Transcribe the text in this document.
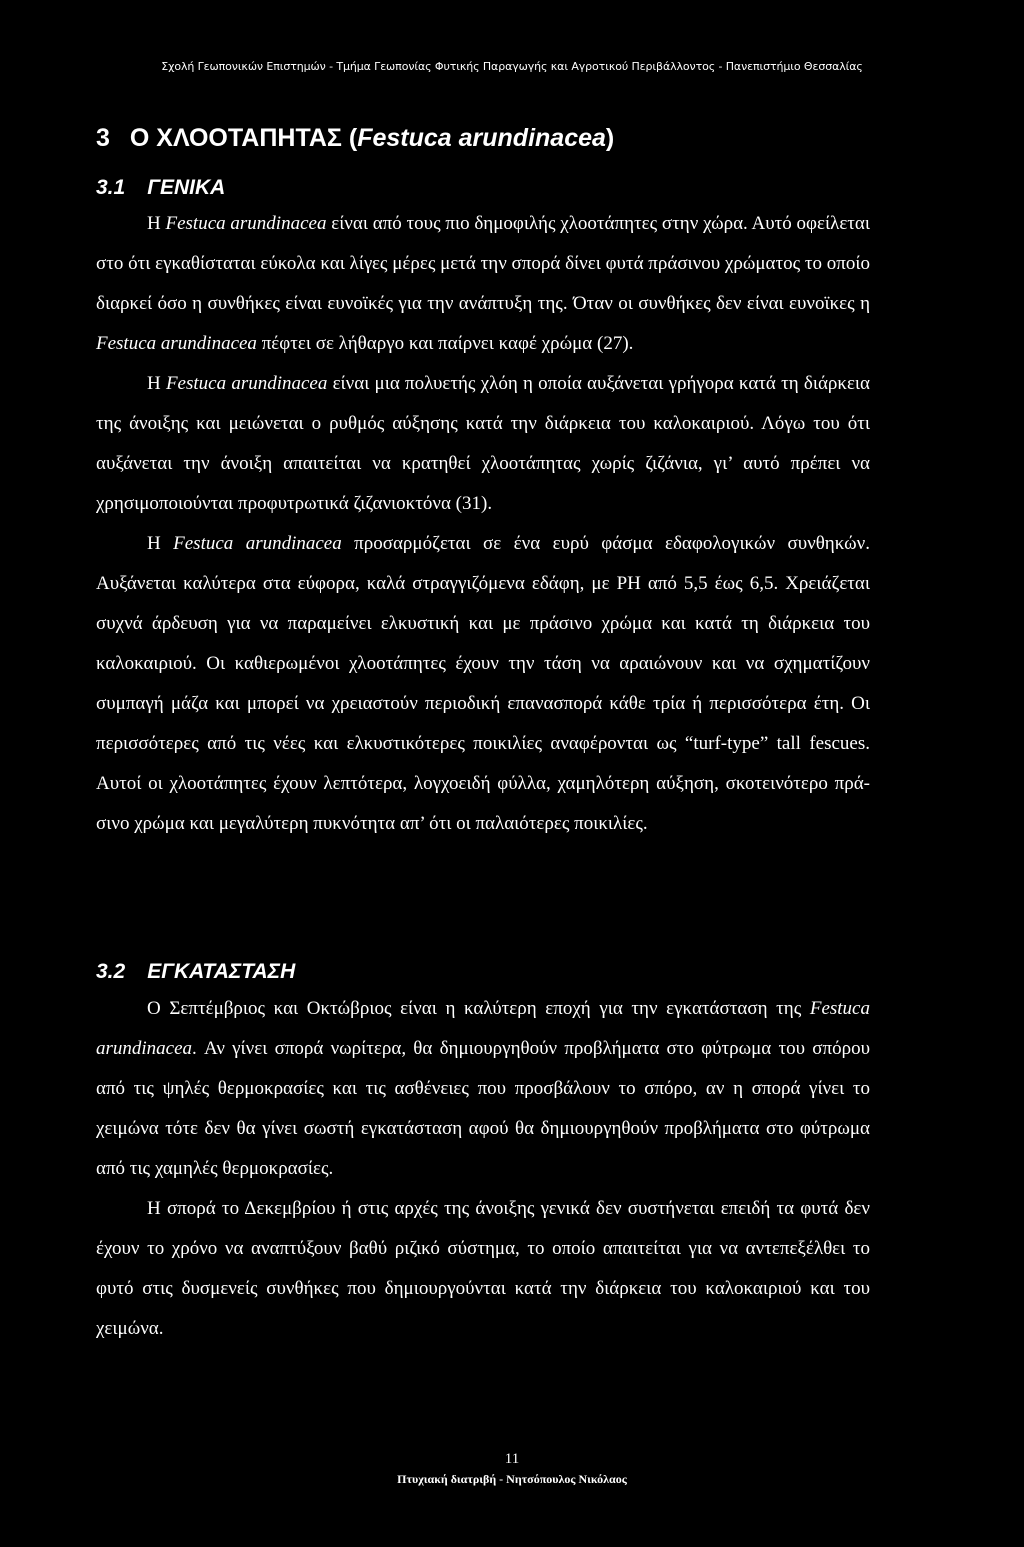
Σχολή Γεωπονικών Επιστημών - Τμήμα Γεωπονίας Φυτικής Παραγωγής και Αγροτικού Περιβάλλοντος - Πανεπιστήμιο Θεσσαλίας
3 Ο ΧΛΟΟΤΑΠΗΤΑΣ (Festuca arundinacea)
3.1 ΓΕΝΙΚΑ

Η Festuca arundinacea είναι από τους πιο δημοφιλής χλοοτάπητες στην χώρα. Αυτό οφείλεται στο ότι εγκαθίσταται εύκολα και λίγες μέρες μετά την σπορά δίνει φυτά πράσινου χρώματος το οποίο διαρκεί όσο η συνθήκες είναι ευνοϊκές για την ανάπτυξη της. Όταν οι συνθήκες δεν είναι ευνοϊκες η Festuca arundinacea πέφτει σε λήθαργο και παίρνει καφέ χρώμα (27).

Η Festuca arundinacea είναι μια πολυετής χλόη η οποία αυξάνεται γρήγορα κατά τη διάρκεια της άνοιξης και μειώνεται ο ρυθμός αύξησης κατά την διάρκεια του καλοκαιριού. Λόγω του ότι αυξάνεται την άνοιξη απαιτείται να κρατηθεί χλοοτάπητας χωρίς ζιζάνια, γι’ αυτό πρέπει να χρησιμοποιούνται προφυτρωτικά ζιζανιοκτόνα (31).

Η Festuca arundinacea προσαρμόζεται σε ένα ευρύ φάσμα εδαφολογικών συνθηκών. Αυξάνεται καλύτερα στα εύφορα, καλά στραγγιζόμενα εδάφη, με PH από 5,5 έως 6,5. Χρειάζεται συχνά άρδευση για να παραμείνει ελκυστική και με πράσινο χρώμα και κατά τη διάρκεια του καλοκαιριού. Οι καθιερωμένοι χλοοτάπητες έχουν την τάση να αραιώνουν και να σχηματίζουν συμπαγή μάζα και μπορεί να χρειαστούν περιοδική επανασπορά κάθε τρία ή περισσότερα έτη. Οι περισσότερες από τις νέες και ελκυστικότερες ποικιλίες αναφέρονται ως “turf-type” tall fescues. Αυτοί οι χλοοτάπητες έχουν λεπτότερα, λογχοειδή φύλλα, χαμηλότερη αύξηση, σκοτεινότερο πράσινο χρώμα και μεγαλύτερη πυκνότητα απ’ ότι οι παλαιότερες ποικιλίες.

3.2 ΕΓΚΑΤΑΣΤΑΣΗ

Ο Σεπτέμβριος και Οκτώβριος είναι η καλύτερη εποχή για την εγκατάσταση της Festuca arundinacea. Αν γίνει σπορά νωρίτερα, θα δημιουργηθούν προβλήματα στο φύτρωμα του σπόρου από τις ψηλές θερμοκρασίες και τις ασθένειες που προσβάλουν το σπόρο, αν η σπορά γίνει το χειμώνα τότε δεν θα γίνει σωστή εγκατάσταση αφού θα δημιουργηθούν προβλήματα στο φύτρωμα από τις χαμηλές θερμοκρασίες.

Η σπορά το Δεκεμβρίου ή στις αρχές της άνοιξης γενικά δεν συστήνεται επειδή τα φυτά δεν έχουν το χρόνο να αναπτύξουν βαθύ ριζικό σύστημα, το οποίο απαιτείται για να αντεπεξέλθει το φυτό στις δυσμενείς συνθήκες που δημιουργούνται κατά την διάρκεια του καλοκαιριού και του χειμώνα.

11
Πτυχιακή διατριβή - Νητσόπουλος Νικόλαος
